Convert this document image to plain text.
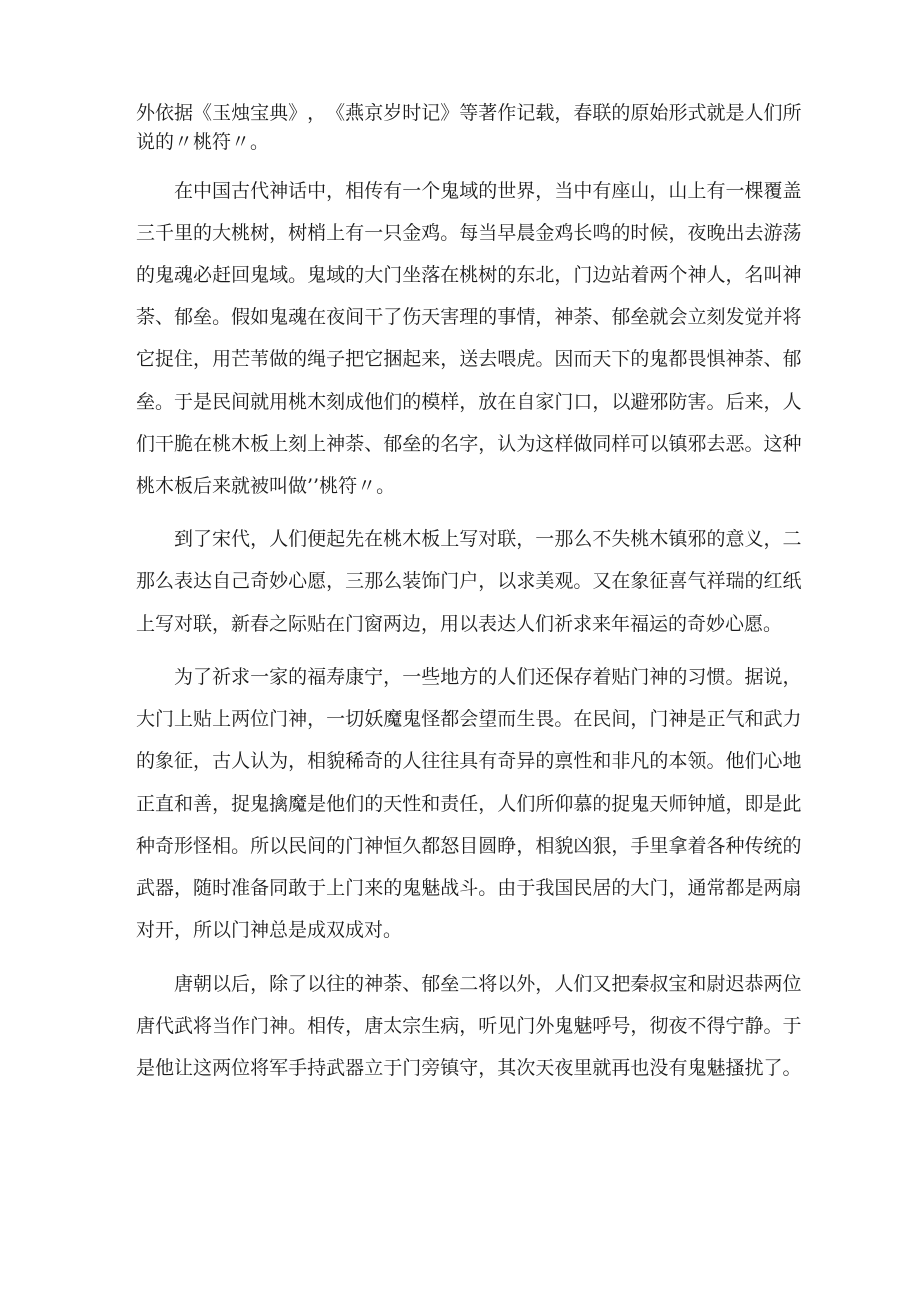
外 依 据 《 玉 烛 宝 典 》 ， 《 燕 京 岁 时 记 》 等 著 作 记 载 ， 春 联 的 原 始 形 式 就 是 人 们 所
说的〃桃符〃。
在 中 国 古 代 神 话 中 ， 相 传 有 一 个 鬼 域 的 世 界 ， 当 中 有 座 山 ， 山 上 有 一 棵 覆 盖
三 千 里 的 大 桃 树 ， 树 梢 上 有 一 只 金 鸡 。 每 当 早 晨 金 鸡 长 鸣 的 时 候 ， 夜 晚 出 去 游 荡
的 鬼 魂 必 赶 回 鬼 域 。 鬼 域 的 大 门 坐 落 在 桃 树 的 东 北 ， 门 边 站 着 两 个 神 人 ， 名 叫 神
荼 、 郁 垒 。 假 如 鬼 魂 在 夜 间 干 了 伤 天 害 理 的 事 情 ， 神 荼 、 郁 垒 就 会 立 刻 发 觉 并 将
它 捉 住 ， 用 芒 苇 做 的 绳 子 把 它 捆 起 来 ， 送 去 喂 虎 。 因 而 天 下 的 鬼 都 畏 惧 神 荼 、 郁
垒 。 于 是 民 间 就 用 桃 木 刻 成 他 们 的 模 样 ， 放 在 自 家 门 口 ， 以 避 邪 防 害 。 后 来 ， 人
们 干 脆 在 桃 木 板 上 刻 上 神 荼 、 郁 垒 的 名 字 ， 认 为 这 样 做 同 样 可 以 镇 邪 去 恶 。 这 种
桃木板后来就被叫做’’桃符〃。
到 了 宋 代 ， 人 们 便 起 先 在 桃 木 板 上 写 对 联 ， 一 那 么 不 失 桃 木 镇 邪 的 意 义 ， 二
那 么 表 达 自 己 奇 妙 心 愿 ， 三 那 么 装 饰 门 户 ， 以 求 美 观 。 又 在 象 征 喜 气 祥 瑞 的 红 纸
上写对联，新春之际贴在门窗两边，用以表达人们祈求来年福运的奇妙心愿。
为 了 祈 求 一 家 的 福 寿 康 宁 ， 一 些 地 方 的 人 们 还 保 存 着 贴 门 神 的 习 惯 。 据 说 ，
大 门 上 贴 上 两 位 门 神 ， 一 切 妖 魔 鬼 怪 都 会 望 而 生 畏 。 在 民 间 ， 门 神 是 正 气 和 武 力
的 象 征 ， 古 人 认 为 ， 相 貌 稀 奇 的 人 往 往 具 有 奇 异 的 禀 性 和 非 凡 的 本 领 。 他 们 心 地
正 直 和 善 ， 捉 鬼 擒 魔 是 他 们 的 天 性 和 责 任 ， 人 们 所 仰 慕 的 捉 鬼 天 师 钟 馗 ， 即 是 此
种 奇 形 怪 相 。 所 以 民 间 的 门 神 恒 久 都 怒 目 圆 睁 ， 相 貌 凶 狠 ， 手 里 拿 着 各 种 传 统 的
武 器 ， 随 时 准 备 同 敢 于 上 门 来 的 鬼 魅 战 斗 。 由 于 我 国 民 居 的 大 门 ， 通 常 都 是 两 扇
对开，所以门神总是成双成对。
唐 朝 以 后 ， 除 了 以 往 的 神 荼 、 郁 垒 二 将 以 外 ， 人 们 又 把 秦 叔 宝 和 尉 迟 恭 两 位
唐 代 武 将 当 作 门 神 。 相 传 ， 唐 太 宗 生 病 ， 听 见 门 外 鬼 魅 呼 号 ， 彻 夜 不 得 宁 静 。 于
是 他 让 这 两 位 将 军 手 持 武 器 立 于 门 旁 镇 守 ， 其 次 天 夜 里 就 再 也 没 有 鬼 魅 搔 扰 了 。
